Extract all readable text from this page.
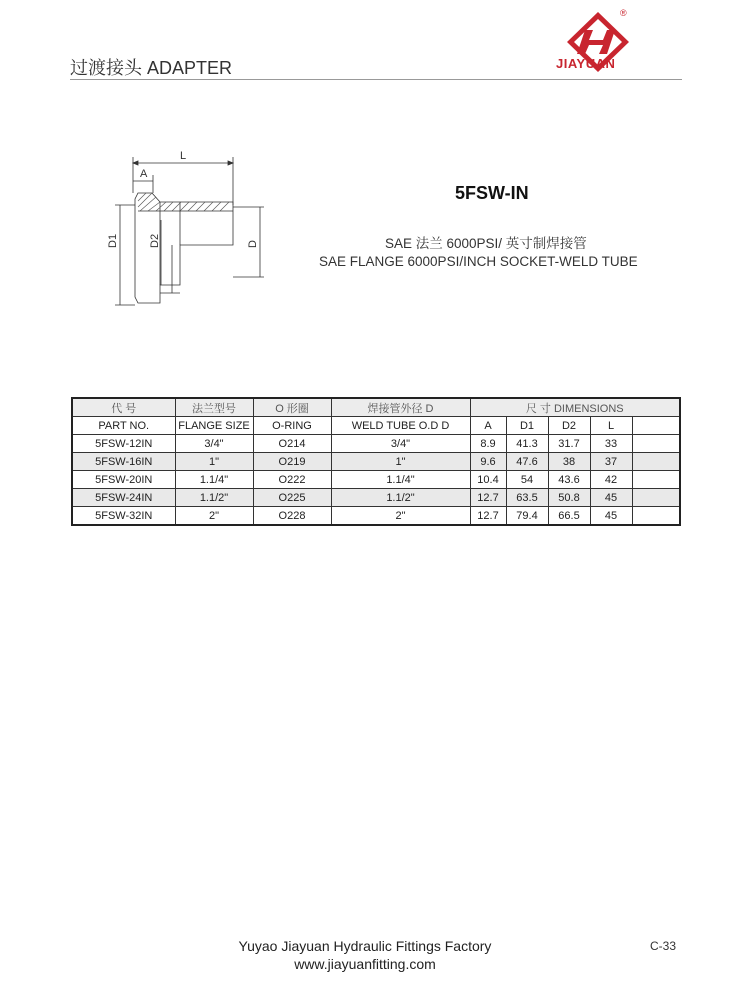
过渡接头 ADAPTER
®
JIAYUAN
L
A
D1	D2	D
5FSW-IN
SAE 法兰 6000PSI/ 英寸制焊接管
SAE FLANGE 6000PSI/INCH SOCKET-WELD TUBE
代 号	法兰型号	O 形圈	焊接管外径 D	尺 寸 DIMENSIONS				
PART NO.	FLANGE SIZE	O-RING	WELD TUBE O.D D	A	D1	D2	L	
5FSW-12IN	3/4"	O214	3/4"	8.9	41.3	31.7	33	
5FSW-16IN	1"	O219	1"	9.6	47.6	38	37	
5FSW-20IN	1.1/4"	O222	1.1/4"	10.4	54	43.6	42	
5FSW-24IN	1.1/2"	O225	1.1/2"	12.7	63.5	50.8	45	
5FSW-32IN	2"	O228	2"	12.7	79.4	66.5	45	
Yuyao Jiayuan Hydraulic Fittings Factory
www.jiayuanfitting.com
C-33
